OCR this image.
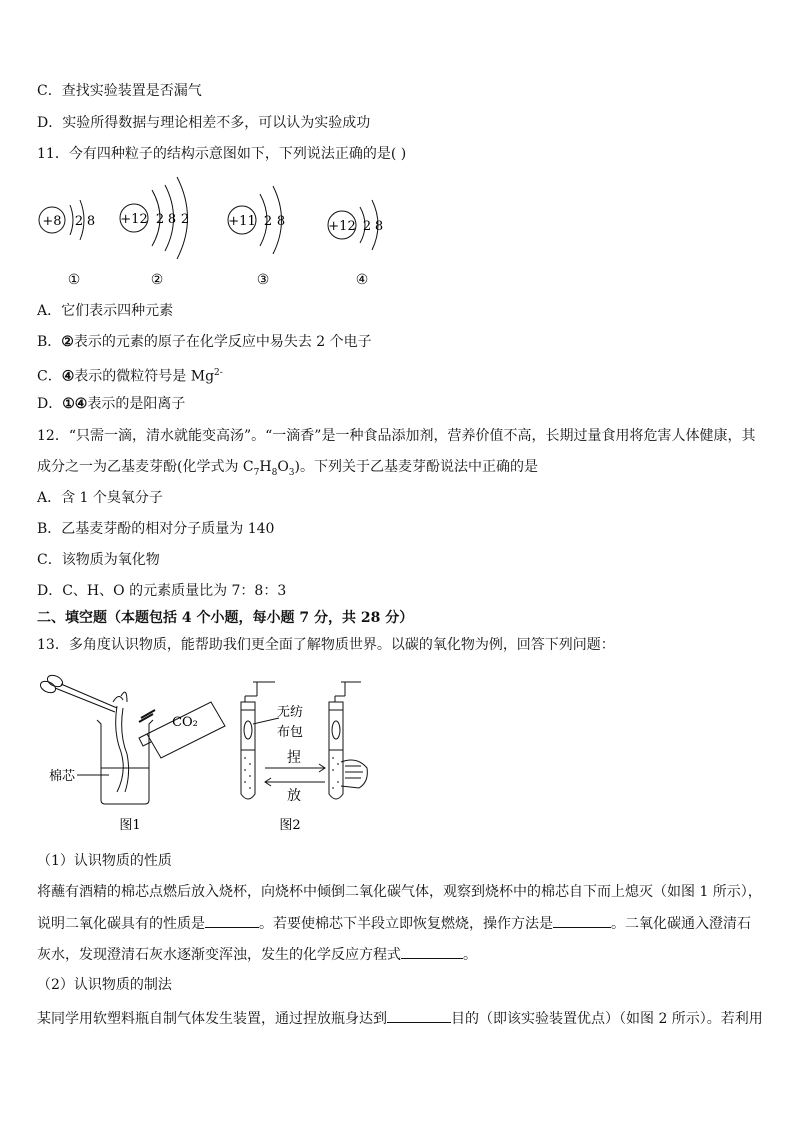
C．查找实验装置是否漏气
D．实验所得数据与理论相差不多，可以认为实验成功
11．今有四种粒子的结构示意图如下，下列说法正确的是( )
+8 2 8
①
+12 2 8 2
②
+11 2 8
③
+12 2 8
④
A．它们表示四种元素
B．②表示的元素的原子在化学反应中易失去 2 个电子
C．④表示的微粒符号是 $Mg^{2-}$
D．①④表示的是阳离子
12．“只需一滴，清水就能变高汤”。“一滴香”是一种食品添加剂，营养价值不高，长期过量食用将危害人体健康，其
成分之一为乙基麦芽酚(化学式为 $C_7H_8O_3$)。下列关于乙基麦芽酚说法中正确的是
A．含 1 个臭氧分子
B．乙基麦芽酚的相对分子质量为 140
C．该物质为氧化物
D．C、H、O 的元素质量比为 7：8：3
二、填空题（本题包括 4 个小题，每小题 7 分，共 28 分）
13．多角度认识物质，能帮助我们更全面了解物质世界。以碳的氧化物为例，回答下列问题：
CO₂
棉芯
图1
无纺
布包
捏
放
图2
（1）认识物质的性质
将蘸有酒精的棉芯点燃后放入烧杯，向烧杯中倾倒二氧化碳气体，观察到烧杯中的棉芯自下而上熄灭（如图 1 所示），
说明二氧化碳具有的性质是	。若要使棉芯下半段立即恢复燃烧，操作方法是	。二氧化碳通入澄清石
灰水，发现澄清石灰水逐渐变浑浊，发生的化学反应方程式	。
（2）认识物质的制法
某同学用软塑料瓶自制气体发生装置，通过捏放瓶身达到	目的（即该实验装置优点）（如图 2 所示）。若利用
